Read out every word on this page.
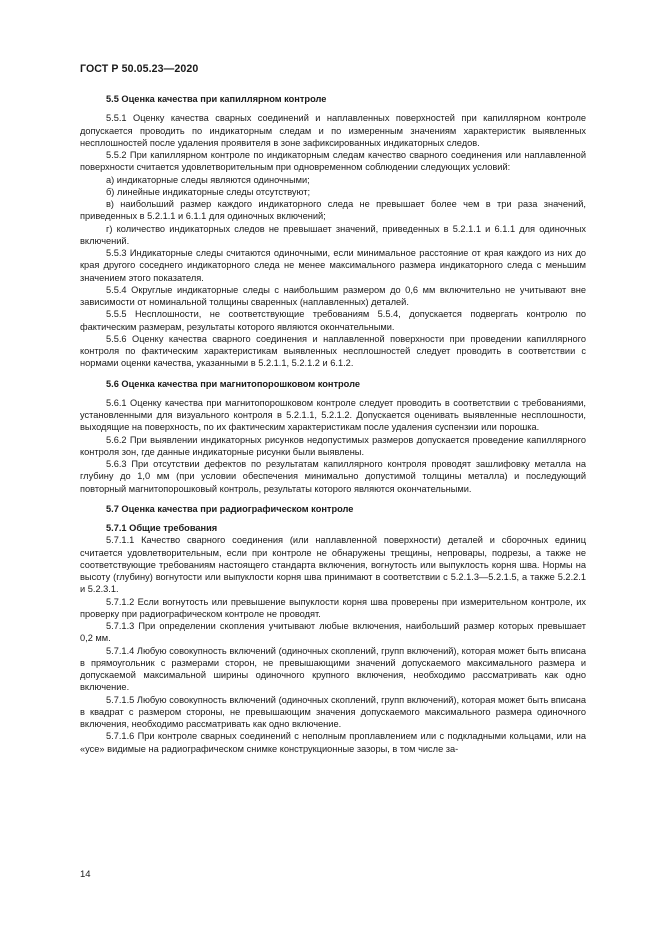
ГОСТ Р 50.05.23—2020

5.5 Оценка качества при капиллярном контроле

5.5.1 Оценку качества сварных соединений и наплавленных поверхностей при капиллярном контроле допускается проводить по индикаторным следам и по измеренным значениям характеристик выявленных несплошностей после удаления проявителя в зоне зафиксированных индикаторных следов.

5.5.2 При капиллярном контроле по индикаторным следам качество сварного соединения или наплавленной поверхности считается удовлетворительным при одновременном соблюдении следующих условий:

а) индикаторные следы являются одиночными;

б) линейные индикаторные следы отсутствуют;

в) наибольший размер каждого индикаторного следа не превышает более чем в три раза значений, приведенных в 5.2.1.1 и 6.1.1 для одиночных включений;

г) количество индикаторных следов не превышает значений, приведенных в 5.2.1.1 и 6.1.1 для одиночных включений.

5.5.3 Индикаторные следы считаются одиночными, если минимальное расстояние от края каждого из них до края другого соседнего индикаторного следа не менее максимального размера индикаторного следа с меньшим значением этого показателя.

5.5.4 Округлые индикаторные следы с наибольшим размером до 0,6 мм включительно не учитывают вне зависимости от номинальной толщины сваренных (наплавленных) деталей.

5.5.5 Несплошности, не соответствующие требованиям 5.5.4, допускается подвергать контролю по фактическим размерам, результаты которого являются окончательными.

5.5.6 Оценку качества сварного соединения и наплавленной поверхности при проведении капиллярного контроля по фактическим характеристикам выявленных несплошностей следует проводить в соответствии с нормами оценки качества, указанными в 5.2.1.1, 5.2.1.2 и 6.1.2.

5.6 Оценка качества при магнитопорошковом контроле

5.6.1 Оценку качества при магнитопорошковом контроле следует проводить в соответствии с требованиями, установленными для визуального контроля в 5.2.1.1, 5.2.1.2. Допускается оценивать выявленные несплошности, выходящие на поверхность, по их фактическим характеристикам после удаления суспензии или порошка.

5.6.2 При выявлении индикаторных рисунков недопустимых размеров допускается проведение капиллярного контроля зон, где данные индикаторные рисунки были выявлены.

5.6.3 При отсутствии дефектов по результатам капиллярного контроля проводят зашлифовку металла на глубину до 1,0 мм (при условии обеспечения минимально допустимой толщины металла) и последующий повторный магнитопорошковый контроль, результаты которого являются окончательными.

5.7 Оценка качества при радиографическом контроле

5.7.1 Общие требования

5.7.1.1 Качество сварного соединения (или наплавленной поверхности) деталей и сборочных единиц считается удовлетворительным, если при контроле не обнаружены трещины, непровары, подрезы, а также не соответствующие требованиям настоящего стандарта включения, вогнутость или выпуклость корня шва. Нормы на высоту (глубину) вогнутости или выпуклости корня шва принимают в соответствии с 5.2.1.3—5.2.1.5, а также 5.2.2.1 и 5.2.3.1.

5.7.1.2 Если вогнутость или превышение выпуклости корня шва проверены при измерительном контроле, их проверку при радиографическом контроле не проводят.

5.7.1.3 При определении скопления учитывают любые включения, наибольший размер которых превышает 0,2 мм.

5.7.1.4 Любую совокупность включений (одиночных скоплений, групп включений), которая может быть вписана в прямоугольник с размерами сторон, не превышающими значений допускаемого максимального размера и допускаемой максимальной ширины одиночного крупного включения, необходимо рассматривать как одно включение.

5.7.1.5 Любую совокупность включений (одиночных скоплений, групп включений), которая может быть вписана в квадрат с размером стороны, не превышающим значения допускаемого максимального размера одиночного включения, необходимо рассматривать как одно включение.

5.7.1.6 При контроле сварных соединений с неполным проплавлением или с подкладными кольцами, или на «усе» видимые на радиографическом снимке конструкционные зазоры, в том числе за-

14
